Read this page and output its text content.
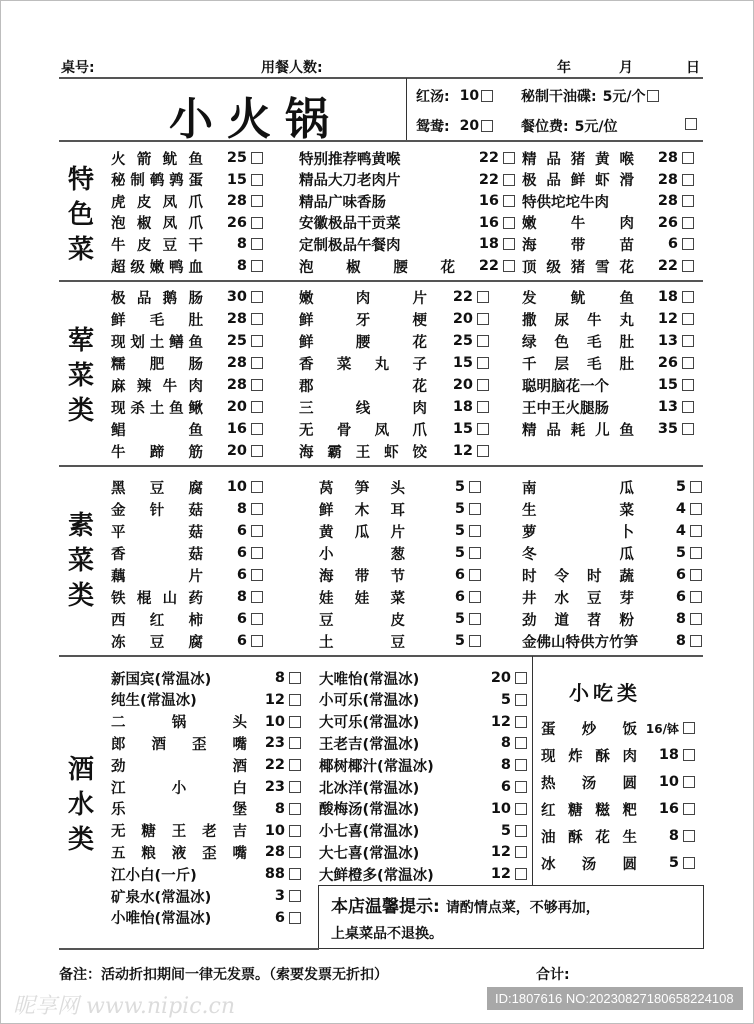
桌号:	用餐人数:	年	月	日
小火锅	红汤: 10	秘制干油碟: 5元/个
鸳鸯: 20	餐位费: 5元/位
特
色
菜
荤
菜
类
素
菜
类
酒
水
类
火 箭 鱿 鱼	25
秘 制 鹌 鹑 蛋	15
虎 皮 凤 爪	28
泡 椒 凤 爪	26
牛 皮 豆 干	8
超 级 嫩 鸭 血	8
特别推荐鸭黄喉	22
精品大刀老肉片	22
精品广味香肠	16
安徽极品干贡菜	16
定制极品午餐肉	18
泡 椒 腰 花	22
精 品 猪 黄 喉	28
极 品 鲜 虾 滑	28
特供坨坨牛肉	28
嫩 牛 肉	26
海 带 苗	6
顶 级 猪 雪 花	22
极 品 鹅 肠	30
鲜 毛 肚	28
现 划 土 鳝 鱼	25
糯 肥 肠	28
麻 辣 牛 肉	28
现 杀 土 鱼 鳅	20
鲳	鱼	16
牛 蹄 筋	20
嫩	肉	片	22
鲜	牙	梗	20
鲜	腰	花	25
香 菜 丸 子	15
郡	花	20
三	线	肉	18
无 骨 凤 爪	15
海 霸 王 虾 饺	12
发 鱿 鱼	18
撒 尿 牛 丸	12
绿 色 毛 肚	13
千 层 毛 肚	26
聪明脑花一个	15
王中王火腿肠	13
精 品 耗 儿 鱼	35
黑 豆 腐	10
金 针 菇	8
平	菇	6
香	菇	6
藕	片	6
铁 棍 山 药	8
西 红 柿	6
冻 豆 腐	6
莴 笋 头	5
鲜 木 耳	5
黄 瓜 片	5
小	葱	5
海 带 节	6
娃 娃 菜	6
豆	皮	5
土	豆	5
南	瓜	5
生	菜	4
萝	卜	4
冬	瓜	5
时 令 时 蔬	6
井 水 豆 芽	6
劲 道 苕 粉	8
金佛山特供方竹笋	8
新国宾(常温冰)	8
纯生(常温冰)	12
二	锅	头	10
郎 酒 歪 嘴	23
劲	酒	22
江	小	白	23
乐	堡	8
无 糖 王 老 吉	10
五 粮 液 歪 嘴	28
江小白(一斤)	88
矿泉水(常温冰)	3
小唯怡(常温冰)	6
大唯怡(常温冰)	20
小可乐(常温冰)	5
大可乐(常温冰)	12
王老吉(常温冰)	8
椰树椰汁(常温冰)	8
北冰洋(常温冰)	6
酸梅汤(常温冰)	10
小七喜(常温冰)	5
大七喜(常温冰)	12
大鲜橙多(常温冰)	12
蛋 炒 饭 16/钵
现 炸 酥 肉	18
热 汤 圆	10
红 糖 糍 粑	16
油 酥 花 生	8
冰 汤 圆	5
小吃类
本店温馨提示: 请酌情点菜，不够再加，
上桌菜品不退换。
备注：活动折扣期间一律无发票。（索要发票无折扣）	合计:
昵享网 www.nipic.cn	ID:1807616 NO:20230827180658224108
